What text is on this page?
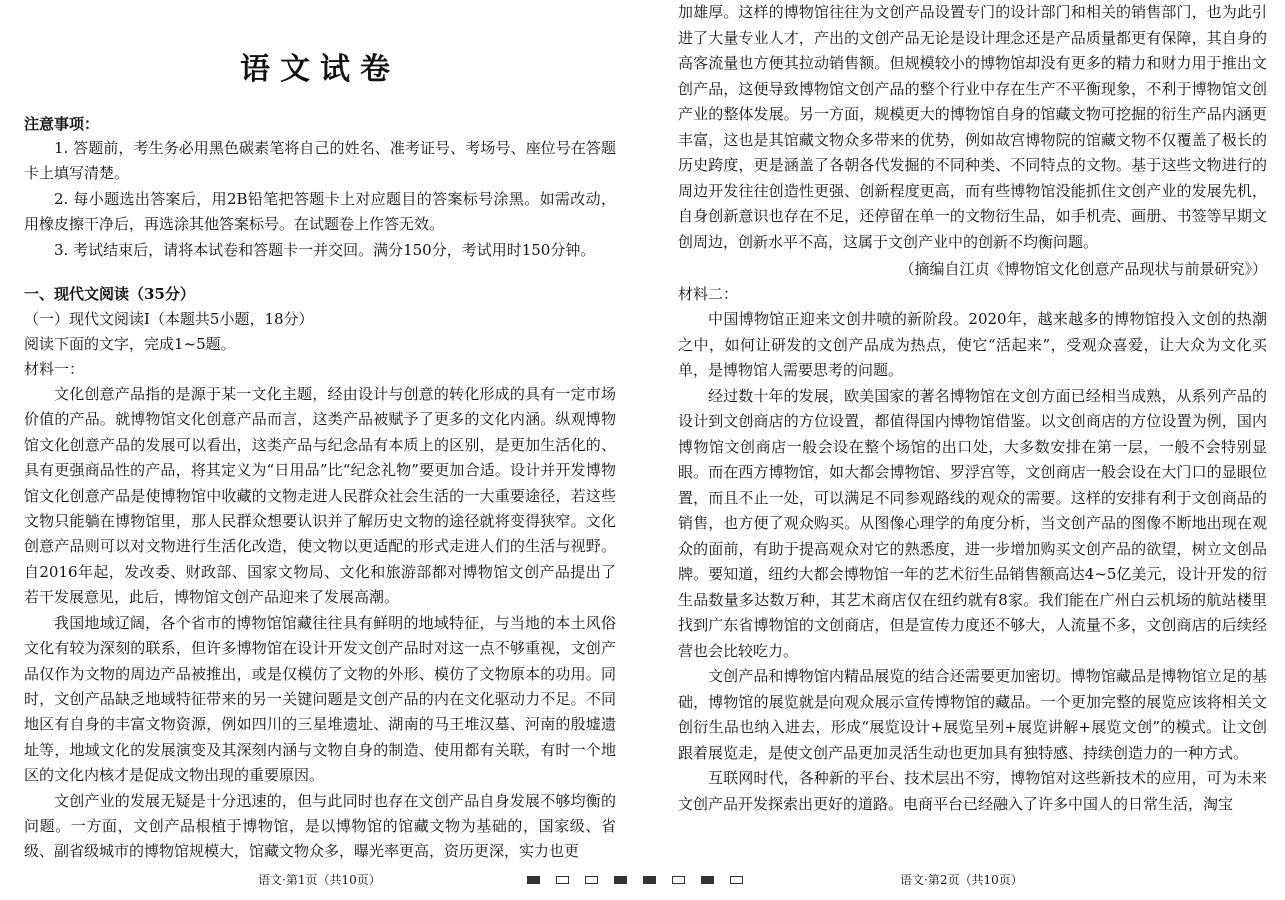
语文试卷
注意事项：

1. 答题前，考生务必用黑色碳素笔将自己的姓名、准考证号、考场号、座位号在答题卡上填写清楚。

2. 每小题选出答案后，用2B铅笔把答题卡上对应题目的答案标号涂黑。如需改动，用橡皮擦干净后，再选涂其他答案标号。在试题卷上作答无效。

3. 考试结束后，请将本试卷和答题卡一并交回。满分150分，考试用时150分钟。

一、现代文阅读（35分）
（一）现代文阅读Ⅰ（本题共5小题，18分）
阅读下面的文字，完成1~5题。
材料一：

文化创意产品指的是源于某一文化主题，经由设计与创意的转化形成的具有一定市场价值的产品。就博物馆文化创意产品而言，这类产品被赋予了更多的文化内涵。纵观博物馆文化创意产品的发展可以看出，这类产品与纪念品有本质上的区别，是更加生活化的、具有更强商品性的产品，将其定义为“日用品”比“纪念礼物”要更加合适。设计并开发博物馆文化创意产品是使博物馆中收藏的文物走进人民群众社会生活的一大重要途径，若这些文物只能躺在博物馆里，那人民群众想要认识并了解历史文物的途径就将变得狭窄。文化创意产品则可以对文物进行生活化改造，使文物以更适配的形式走进人们的生活与视野。自2016年起，发改委、财政部、国家文物局、文化和旅游部都对博物馆文创产品提出了若干发展意见，此后，博物馆文创产品迎来了发展高潮。

我国地域辽阔，各个省市的博物馆馆藏往往具有鲜明的地域特征，与当地的本土风俗文化有较为深刻的联系，但许多博物馆在设计开发文创产品时对这一点不够重视，文创产品仅作为文物的周边产品被推出，或是仅模仿了文物的外形、模仿了文物原本的功用。同时，文创产品缺乏地域特征带来的另一关键问题是文创产品的内在文化驱动力不足。不同地区有自身的丰富文物资源，例如四川的三星堆遗址、湖南的马王堆汉墓、河南的殷墟遗址等，地域文化的发展演变及其深刻内涵与文物自身的制造、使用都有关联，有时一个地区的文化内核才是促成文物出现的重要原因。

文创产业的发展无疑是十分迅速的，但与此同时也存在文创产品自身发展不够均衡的问题。一方面，文创产品根植于博物馆，是以博物馆的馆藏文物为基础的，国家级、省级、副省级城市的博物馆规模大，馆藏文物众多，曝光率更高，资历更深，实力也更

加雄厚。这样的博物馆往往为文创产品设置专门的设计部门和相关的销售部门，也为此引进了大量专业人才，产出的文创产品无论是设计理念还是产品质量都更有保障，其自身的高客流量也方便其拉动销售额。但规模较小的博物馆却没有更多的精力和财力用于推出文创产品，这便导致博物馆文创产品的整个行业中存在生产不平衡现象，不利于博物馆文创产业的整体发展。另一方面，规模更大的博物馆自身的馆藏文物可挖掘的衍生产品内涵更丰富，这也是其馆藏文物众多带来的优势，例如故宫博物院的馆藏文物不仅覆盖了极长的历史跨度，更是涵盖了各朝各代发掘的不同种类、不同特点的文物。基于这些文物进行的周边开发往往创造性更强、创新程度更高，而有些博物馆没能抓住文创产业的发展先机，自身创新意识也存在不足，还停留在单一的文物衍生品，如手机壳、画册、书签等早期文创周边，创新水平不高，这属于文创产业中的创新不均衡问题。

（摘编自江贞《博物馆文化创意产品现状与前景研究》）
材料二：

中国博物馆正迎来文创井喷的新阶段。2020年，越来越多的博物馆投入文创的热潮之中，如何让研发的文创产品成为热点，使它“活起来”，受观众喜爱，让大众为文化买单，是博物馆人需要思考的问题。

经过数十年的发展，欧美国家的著名博物馆在文创方面已经相当成熟，从系列产品的设计到文创商店的方位设置，都值得国内博物馆借鉴。以文创商店的方位设置为例，国内博物馆文创商店一般会设在整个场馆的出口处，大多数安排在第一层，一般不会特别显眼。而在西方博物馆，如大都会博物馆、罗浮宫等，文创商店一般会设在大门口的显眼位置，而且不止一处，可以满足不同参观路线的观众的需要。这样的安排有利于文创商品的销售，也方便了观众购买。从图像心理学的角度分析，当文创产品的图像不断地出现在观众的面前，有助于提高观众对它的熟悉度，进一步增加购买文创产品的欲望，树立文创品牌。要知道，纽约大都会博物馆一年的艺术衍生品销售额高达4~5亿美元，设计开发的衍生品数量多达数万种，其艺术商店仅在纽约就有8家。我们能在广州白云机场的航站楼里找到广东省博物馆的文创商店，但是宣传力度还不够大，人流量不多，文创商店的后续经营也会比较吃力。

文创产品和博物馆内精品展览的结合还需要更加密切。博物馆藏品是博物馆立足的基础，博物馆的展览就是向观众展示宣传博物馆的藏品。一个更加完整的展览应该将相关文创衍生品也纳入进去，形成“展览设计+展览呈列+展览讲解+展览文创”的模式。让文创跟着展览走，是使文创产品更加灵活生动也更加具有独特感、持续创造力的一种方式。

互联网时代，各种新的平台、技术层出不穷，博物馆对这些新技术的应用，可为未来文创产品开发探索出更好的道路。电商平台已经融入了许多中国人的日常生活，淘宝

语文·第1页（共10页）	语文·第2页（共10页）
